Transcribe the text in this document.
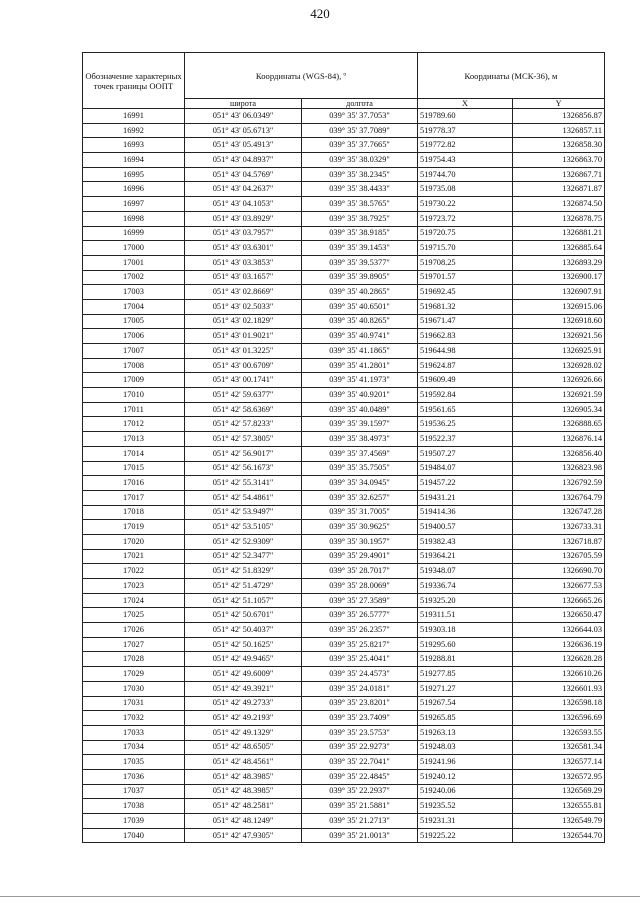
420
Обозначение характерных точек границы ООПТ	Координаты (WGS-84), º		Координаты (МСК-36), м	
	широта	долгота	X	Y
16991	051° 43' 06.0349"	039° 35' 37.7053"	519789.60	1326856.87
16992	051° 43' 05.6713"	039° 35' 37.7089"	519778.37	1326857.11
16993	051° 43' 05.4913"	039° 35' 37.7665"	519772.82	1326858.30
16994	051° 43' 04.8937"	039° 35' 38.0329"	519754.43	1326863.70
16995	051° 43' 04.5769"	039° 35' 38.2345"	519744.70	1326867.71
16996	051° 43' 04.2637"	039° 35' 38.4433"	519735.08	1326871.87
16997	051° 43' 04.1053"	039° 35' 38.5765"	519730.22	1326874.50
16998	051° 43' 03.8929"	039° 35' 38.7925"	519723.72	1326878.75
16999	051° 43' 03.7957"	039° 35' 38.9185"	519720.75	1326881.21
17000	051° 43' 03.6301"	039° 35' 39.1453"	519715.70	1326885.64
17001	051° 43' 03.3853"	039° 35' 39.5377"	519708.25	1326893.29
17002	051° 43' 03.1657"	039° 35' 39.8905"	519701.57	1326900.17
17003	051° 43' 02.8669"	039° 35' 40.2865"	519692.45	1326907.91
17004	051° 43' 02.5033"	039° 35' 40.6501"	519681.32	1326915.06
17005	051° 43' 02.1829"	039° 35' 40.8265"	519671.47	1326918.60
17006	051° 43' 01.9021"	039° 35' 40.9741"	519662.83	1326921.56
17007	051° 43' 01.3225"	039° 35' 41.1865"	519644.98	1326925.91
17008	051° 43' 00.6709"	039° 35' 41.2801"	519624.87	1326928.02
17009	051° 43' 00.1741"	039° 35' 41.1973"	519609.49	1326926.66
17010	051° 42' 59.6377"	039° 35' 40.9201"	519592.84	1326921.59
17011	051° 42' 58.6369"	039° 35' 40.0489"	519561.65	1326905.34
17012	051° 42' 57.8233"	039° 35' 39.1597"	519536.25	1326888.65
17013	051° 42' 57.3805"	039° 35' 38.4973"	519522.37	1326876.14
17014	051° 42' 56.9017"	039° 35' 37.4569"	519507.27	1326856.40
17015	051° 42' 56.1673"	039° 35' 35.7505"	519484.07	1326823.98
17016	051° 42' 55.3141"	039° 35' 34.0945"	519457.22	1326792.59
17017	051° 42' 54.4861"	039° 35' 32.6257"	519431.21	1326764.79
17018	051° 42' 53.9497"	039° 35' 31.7005"	519414.36	1326747.28
17019	051° 42' 53.5105"	039° 35' 30.9625"	519400.57	1326733.31
17020	051° 42' 52.9309"	039° 35' 30.1957"	519382.43	1326718.87
17021	051° 42' 52.3477"	039° 35' 29.4901"	519364.21	1326705.59
17022	051° 42' 51.8329"	039° 35' 28.7017"	519348.07	1326690.70
17023	051° 42' 51.4729"	039° 35' 28.0069"	519336.74	1326677.53
17024	051° 42' 51.1057"	039° 35' 27.3589"	519325.20	1326665.26
17025	051° 42' 50.6701"	039° 35' 26.5777"	519311.51	1326650.47
17026	051° 42' 50.4037"	039° 35' 26.2357"	519303.18	1326644.03
17027	051° 42' 50.1625"	039° 35' 25.8217"	519295.60	1326636.19
17028	051° 42' 49.9465"	039° 35' 25.4041"	519288.81	1326628.28
17029	051° 42' 49.6009"	039° 35' 24.4573"	519277.85	1326610.26
17030	051° 42' 49.3921"	039° 35' 24.0181"	519271.27	1326601.93
17031	051° 42' 49.2733"	039° 35' 23.8201"	519267.54	1326598.18
17032	051° 42' 49.2193"	039° 35' 23.7409"	519265.85	1326596.69
17033	051° 42' 49.1329"	039° 35' 23.5753"	519263.13	1326593.55
17034	051° 42' 48.6505"	039° 35' 22.9273"	519248.03	1326581.34
17035	051° 42' 48.4561"	039° 35' 22.7041"	519241.96	1326577.14
17036	051° 42' 48.3985"	039° 35' 22.4845"	519240.12	1326572.95
17037	051° 42' 48.3985"	039° 35' 22.2937"	519240.06	1326569.29
17038	051° 42' 48.2581"	039° 35' 21.5881"	519235.52	1326555.81
17039	051° 42' 48.1249"	039° 35' 21.2713"	519231.31	1326549.79
17040	051° 42' 47.9305"	039° 35' 21.0013"	519225.22	1326544.70
